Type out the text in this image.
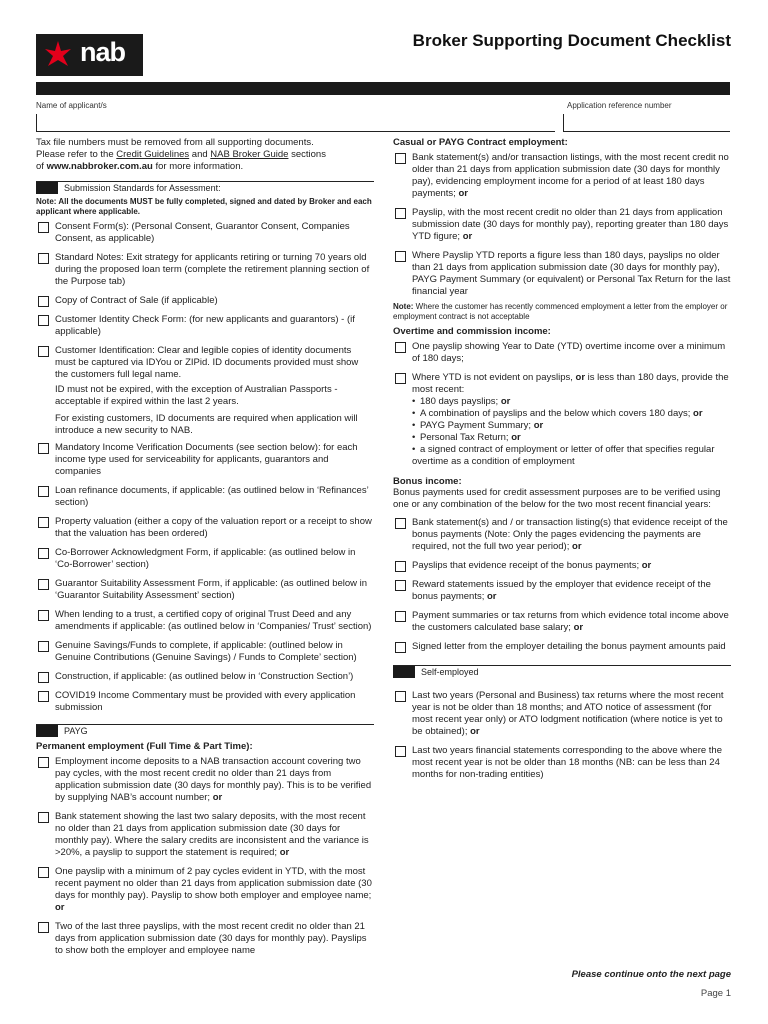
nab	Broker Supporting Document Checklist
Name of applicant/s	Application reference number

Tax file numbers must be removed from all supporting documents.

Please refer to the Credit Guidelines and NAB Broker Guide sections

of www.nabbroker.com.au for more information.

Submission Standards for Assessment:
Note: All the documents MUST be fully completed, signed and dated by Broker and each applicant where applicable.
Consent Form(s): (Personal Consent, Guarantor Consent, Companies Consent, as applicable)
Standard Notes: Exit strategy for applicants retiring or turning 70 years old during the proposed loan term (complete the retirement planning section of the Purpose tab)
Copy of Contract of Sale (if applicable)
Customer Identity Check Form: (for new applicants and guarantors) - (if applicable)
Customer Identification: Clear and legible copies of identity documents must be captured via IDYou or ZIPid. ID documents provided must show the customers full legal name.
ID must not be expired, with the exception of Australian Passports - acceptable if expired within the last 2 years.
For existing customers, ID documents are required when application will introduce a new security to NAB.
Mandatory Income Verification Documents (see section below): for each income type used for serviceability for applicants, guarantors and companies
Loan refinance documents, if applicable: (as outlined below in ‘Refinances’ section)
Property valuation (either a copy of the valuation report or a receipt to show that the valuation has been ordered)
Co-Borrower Acknowledgment Form, if applicable: (as outlined below in ‘Co-Borrower’ section)
Guarantor Suitability Assessment Form, if applicable: (as outlined below in ‘Guarantor Suitability Assessment’ section)
When lending to a trust, a certified copy of original Trust Deed and any amendments if applicable: (as outlined below in ‘Companies/ Trust’ section)
Genuine Savings/Funds to complete, if applicable: (outlined below in Genuine Contributions (Genuine Savings) / Funds to Complete’ section)
Construction, if applicable: (as outlined below in ‘Construction Section’)
COVID19 Income Commentary must be provided with every application submission
PAYG
Permanent employment (Full Time & Part Time):
Employment income deposits to a NAB transaction account covering two pay cycles, with the most recent credit no older than 21 days from application submission date (30 days for monthly pay). This is to be verified by supplying NAB’s account number; or
Bank statement showing the last two salary deposits, with the most recent no older than 21 days from application submission date (30 days for monthly pay). Where the salary credits are inconsistent and the variance is >20%, a payslip to support the statement is required; or
One payslip with a minimum of 2 pay cycles evident in YTD, with the most recent payment no older than 21 days from application submission date (30 days for monthly pay). Payslip to show both employer and employee name; or
Two of the last three payslips, with the most recent credit no older than 21 days from application submission date (30 days for monthly pay). Payslips to show both the employer and employee name
Casual or PAYG Contract employment:
Bank statement(s) and/or transaction listings, with the most recent credit no older than 21 days from application submission date (30 days for monthly pay), evidencing employment income for a period of at least 180 days payments; or
Payslip, with the most recent credit no older than 21 days from application submission date (30 days for monthly pay), reporting greater than 180 days YTD figure; or
Where Payslip YTD reports a figure less than 180 days, payslips no older than 21 days from application submission date (30 days for monthly pay), PAYG Payment Summary (or equivalent) or Personal Tax Return for the last financial year
Note: Where the customer has recently commenced employment a letter from the employer or employment contract is not acceptable
Overtime and commission income:
One payslip showing Year to Date (YTD) overtime income over a minimum of 180 days;
Where YTD is not evident on payslips, or is less than 180 days, provide the most recent:
• 180 days payslips; or
• A combination of payslips and the below which covers 180 days; or
• PAYG Payment Summary; or
• Personal Tax Return; or
• a signed contract of employment or letter of offer that specifies regular overtime as a condition of employment
Bonus income:

Bonus payments used for credit assessment purposes are to be verified using one or any combination of the below for the two most recent financial years:

Bank statement(s) and / or transaction listing(s) that evidence receipt of the bonus payments (Note: Only the pages evidencing the payments are required, not the full two year period); or
Payslips that evidence receipt of the bonus payments; or
Reward statements issued by the employer that evidence receipt of the bonus payments; or
Payment summaries or tax returns from which evidence total income above the customers calculated base salary; or
Signed letter from the employer detailing the bonus payment amounts paid
Self-employed
Last two years (Personal and Business) tax returns where the most recent year is not be older than 18 months; and ATO notice of assessment (for most recent year only) or ATO lodgment notification (where notice is yet to be obtained); or
Last two years financial statements corresponding to the above where the most recent year is not be older than 18 months (NB: can be less than 24 months for non-trading entities)
Please continue onto the next page
Page 1
